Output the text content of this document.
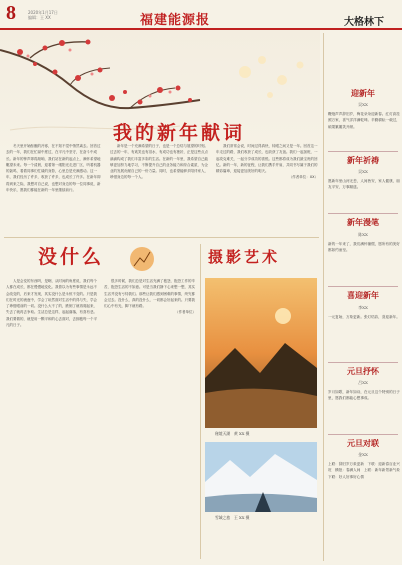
8	2020年1月17日
编辑：王 XX	福建能源报	大格林下
我的新年献词

冬天里开始酝酿的冷寒，在不知不觉中悄然离去。回首过去的一年，我们在忙碌中度过，在平凡中坚守，在奋斗中成长。新年的钟声即将敲响，我们站在新的起点上，满怀希望地眺望未来。每一个清晨，迎着第一缕阳光走进厂区，听着机器的轰鸣，看着同事们忙碌的身影，心里总是充满感动。这一年，我们经历了许多，收获了许多，也成长了许多。在新年即将到来之际，我想对自己说，也想对身边的每一位同事说，新年快乐，愿我们都能在新的一年里继续前行。

新年是一个充满希望的日子，也是一个总结与展望的时刻。过去的一年，有欢笑也有泪水，有成功也有挫折，正是这些点点滴滴构成了我们丰富多彩的生活。在新的一年里，我希望自己能够更加努力地学习，不断提升自己的业务能力和综合素质，为企业的发展贡献自己的一份力量。同时，也希望能够多陪伴家人，珍惜身边的每一个人。

我们常常会说，时间过得真快，转眼之间又是一年。回首这一年走过的路，我们收获了成长，也收获了友谊。我们一起加班，一起攻克难关，一起分享成功的喜悦。这些都将成为我们最宝贵的回忆。新的一年，新的征程，让我们携手并肩，共同书写属于我们的精彩篇章，迎接更加美好的明天。

（作者单位：XX）
没什么

人是会变的东西吗，是啊，从时间的角度说，我们每个人都在成长，都在慢慢地变化。我曾以为有些事情是永远不会改变的，后来才发现，其实没什么是永恒不变的。只是我们在时光的流逝中，学会了坦然面对生活中的得与失，学会了珍惜眼前的一切。没什么大不了的，跌倒了就再爬起来，失去了就再去争取。生活总是这样，起起落落，有喜有悲。我们要做的，就是用一颗平和的心去面对，去拥抱每一个平凡的日子。

很多时候，我们总是对生活充满了抱怨，抱怨工作的辛苦，抱怨生活的不如意。可是当我们静下心来想一想，其实生活并没有亏待我们。那些让我们感到困难的事情，终究都会过去。没什么，真的没什么，一切都会好起来的。只要我们心中有光，脚下就有路。

（作者单位）
摄影艺术
秘境天湖　黄 XX 摄
雪域之旅　王 XX 摄
迎新年
吴XX
鞭炮声声辞旧岁，梅花朵朵迎新春。红灯高挂照万家，喜气洋洋满乾坤。辛勤耕耘一载过，硕果累累笑开颜。
新年祈祷
吴XX
愿新年里山河无恙，人间皆安，家人健康，朋友平安，万事顺遂。
新年漫笔
陈XX
新的一年来了，我们满怀憧憬，愿所有的美好都如约而至。
喜迎新年
李XX
一元复始，万象更新。张灯结彩，喜迎新年。
元旦抒怀
吕XX
岁月如歌，新年如诗，在元旦这个特别的日子里，愿我们都能心想事成。
元旦对联
金XX
上联：辞旧岁万象更新　下联：迎新春百业兴旺　横批：春满人间　上联：新年新景新气象　下联：好人好事好心情
